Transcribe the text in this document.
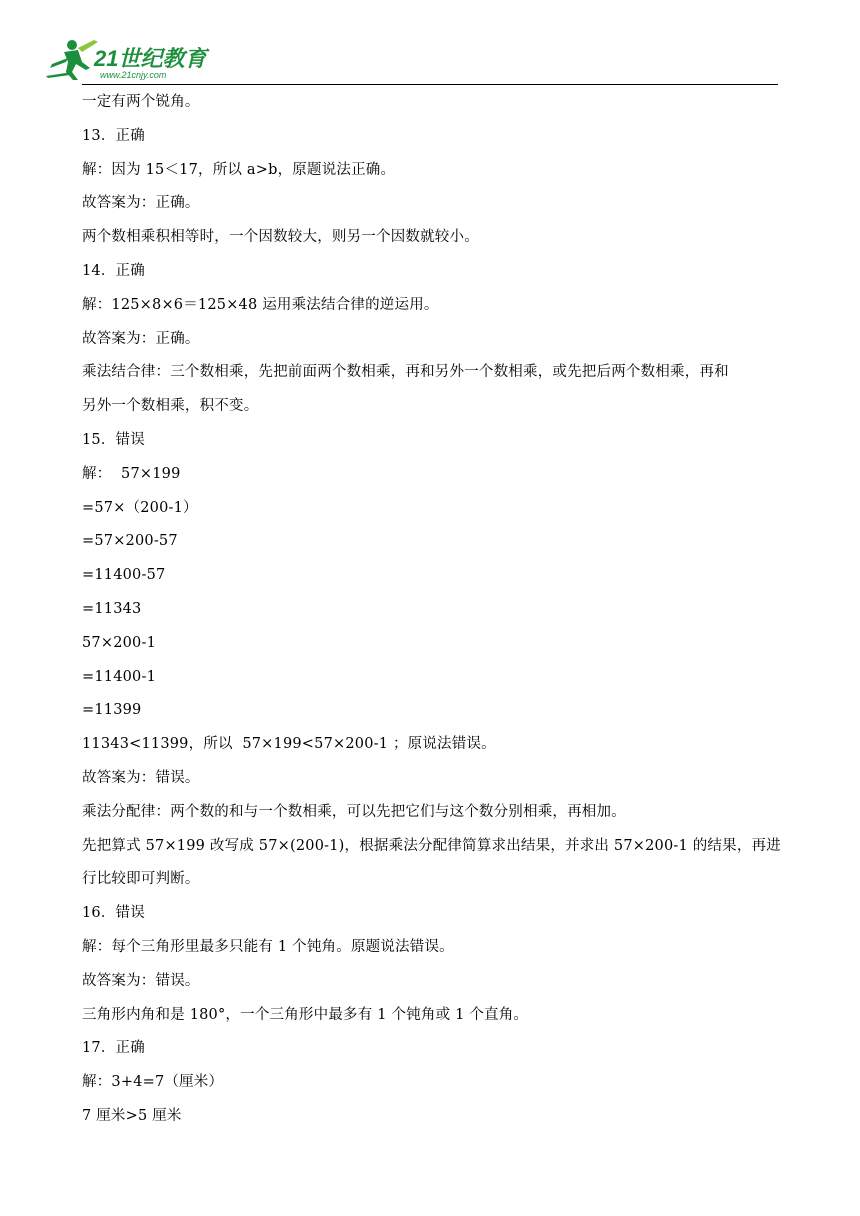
21世纪教育
www.21cnjy.com
一定有两个锐角。
13．正确
解：因为 15＜17，所以 a>b，原题说法正确。
故答案为：正确。
两个数相乘积相等时，一个因数较大，则另一个因数就较小。
14．正确
解：125×8×6＝125×48 运用乘法结合律的逆运用。
故答案为：正确。
乘法结合律：三个数相乘，先把前面两个数相乘，再和另外一个数相乘，或先把后两个数相乘，再和
另外一个数相乘，积不变。
15．错误
解：  57×199
=57×（200-1）
=57×200-57
=11400-57
=11343
57×200-1
=11400-1
=11399
11343<11399，所以  57×199<57×200-1 ；原说法错误。
故答案为：错误。
乘法分配律：两个数的和与一个数相乘，可以先把它们与这个数分别相乘，再相加。
先把算式 57×199 改写成 57×(200-1)，根据乘法分配律简算求出结果，并求出 57×200-1 的结果，再进
行比较即可判断。
16．错误
解：每个三角形里最多只能有 1 个钝角。原题说法错误。
故答案为：错误。
三角形内角和是 180°，一个三角形中最多有 1 个钝角或 1 个直角。
17．正确
解：3+4=7（厘米）
7 厘米>5 厘米
